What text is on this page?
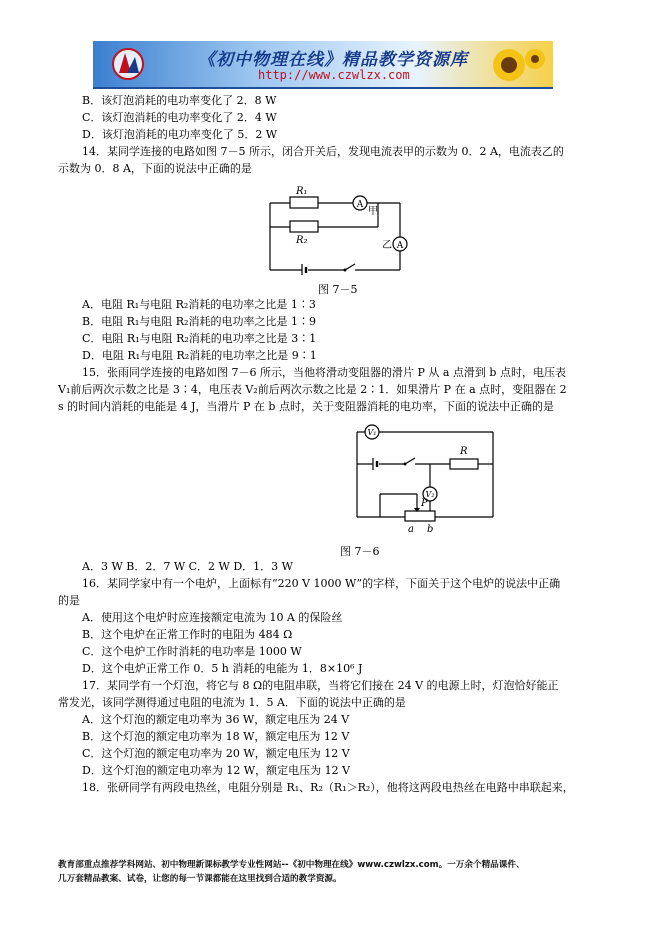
《初中物理在线》精品教学资源库
http://www.czwlzx.com
B．该灯泡消耗的电功率变化了 2．8 W
C．该灯泡消耗的电功率变化了 2．4 W
D．该灯泡消耗的电功率变化了 5．2 W
14．某同学连接的电路如图 7－5 所示，闭合开关后，发现电流表甲的示数为 0．2 A，电流表乙的
示数为 0．8 A，下面的说法中正确的是
A
A
R₁
R₂
甲
乙
图 7－5
A．电阻 R₁与电阻 R₂消耗的电功率之比是 1∶3
B．电阻 R₁与电阻 R₂消耗的电功率之比是 1∶9
C．电阻 R₁与电阻 R₂消耗的电功率之比是 3∶1
D．电阻 R₁与电阻 R₂消耗的电功率之比是 9∶1
15．张雨同学连接的电路如图 7－6 所示，当他将滑动变阻器的滑片 P 从 a 点滑到 b 点时，电压表
V₁前后两次示数之比是 3∶4，电压表 V₂前后两次示数之比是 2∶1．如果滑片 P 在 a 点时，变阻器在 2
s 的时间内消耗的电能是 4 J，当滑片 P 在 b 点时，关于变阻器消耗的电功率，下面的说法中正确的是
V₁
V₂
R
P
a b
图 7－6
A．3 W B．2．7 W C．2 W D．1．3 W
16．某同学家中有一个电炉，上面标有“220 V 1000 W”的字样，下面关于这个电炉的说法中正确
的是
A．使用这个电炉时应连接额定电流为 10 A 的保险丝
B．这个电炉在正常工作时的电阻为 484 Ω
C．这个电炉工作时消耗的电功率是 1000 W
D．这个电炉正常工作 0．5 h 消耗的电能为 1．8×10⁶ J
17．某同学有一个灯泡，将它与 8 Ω的电阻串联，当将它们接在 24 V 的电源上时，灯泡恰好能正
常发光，该同学测得通过电阻的电流为 1．5 A．下面的说法中正确的是
A．这个灯泡的额定电功率为 36 W，额定电压为 24 V
B．这个灯泡的额定电功率为 18 W，额定电压为 12 V
C．这个灯泡的额定电功率为 20 W，额定电压为 12 V
D．这个灯泡的额定电功率为 12 W，额定电压为 12 V
18．张研同学有两段电热丝，电阻分别是 R₁、R₂（R₁＞R₂），他将这两段电热丝在电路中串联起来，
教育部重点推荐学科网站、初中物理新课标教学专业性网站--《初中物理在线》www.czwlzx.com。一万余个精品课件、
几万套精品教案、试卷，让您的每一节课都能在这里找到合适的教学资源。
